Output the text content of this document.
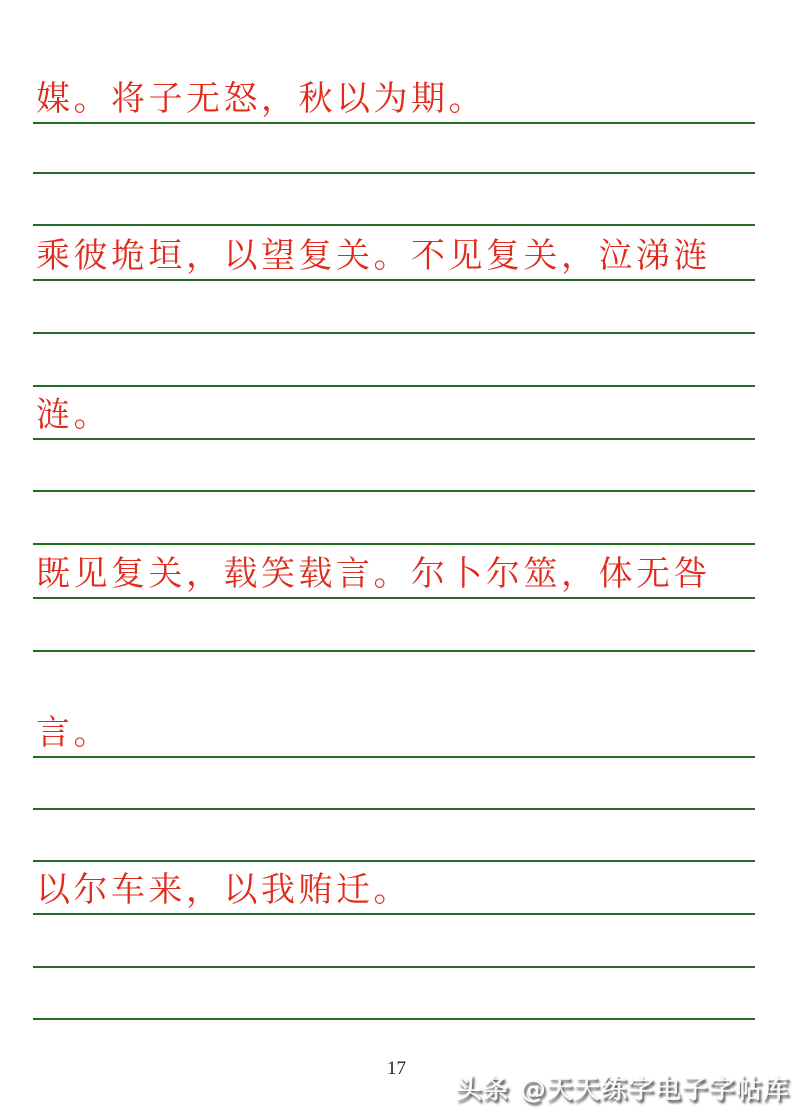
媒。将子无怒，秋以为期。
乘彼垝垣，以望复关。不见复关，泣涕涟
涟。
既见复关，载笑载言。尔卜尔筮，体无咎
言。
以尔车来，以我贿迁。
17
头条 @天天练字电子字帖库
